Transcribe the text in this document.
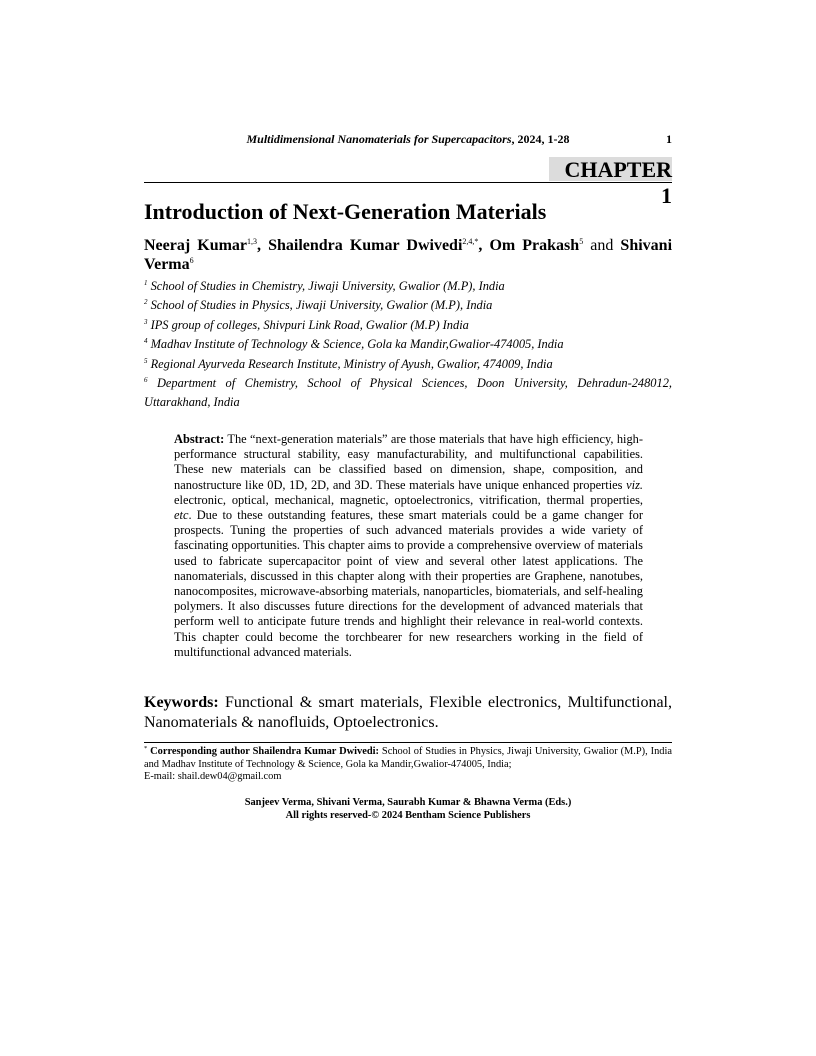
Multidimensional Nanomaterials for Supercapacitors, 2024, 1-28	1
CHAPTER 1
Introduction of Next-Generation Materials
Neeraj Kumar$^{1,3}$, Shailendra Kumar Dwivedi$^{2,4,*}$, Om Prakash$^5$ and Shivani Verma$^6$
$^1$ School of Studies in Chemistry, Jiwaji University, Gwalior (M.P), India
$^2$ School of Studies in Physics, Jiwaji University, Gwalior (M.P), India
$^3$ IPS group of colleges, Shivpuri Link Road, Gwalior (M.P) India
$^4$ Madhav Institute of Technology & Science, Gola ka Mandir,Gwalior-474005, India
$^5$ Regional Ayurveda Research Institute, Ministry of Ayush, Gwalior, 474009, India
$^6$ Department of Chemistry, School of Physical Sciences, Doon University, Dehradun-248012, Uttarakhand, India
Abstract: The “next-generation materials” are those materials that have high efficiency, high-performance structural stability, easy manufacturability, and multifunctional capabilities. These new materials can be classified based on dimension, shape, composition, and nanostructure like 0D, 1D, 2D, and 3D. These materials have unique enhanced properties viz. electronic, optical, mechanical, magnetic, optoelectronics, vitrification, thermal properties, etc. Due to these outstanding features, these smart materials could be a game changer for prospects. Tuning the properties of such advanced materials provides a wide variety of fascinating opportunities. This chapter aims to provide a comprehensive overview of materials used to fabricate supercapacitor point of view and several other latest applications. The nanomaterials, discussed in this chapter along with their properties are Graphene, nanotubes, nanocomposites, microwave-absorbing materials, nanoparticles, biomaterials, and self-healing polymers. It also discusses future directions for the development of advanced materials that perform well to anticipate future trends and highlight their relevance in real-world contexts. This chapter could become the torchbearer for new researchers working in the field of multifunctional advanced materials.
Keywords: Functional & smart materials, Flexible electronics, Multifunctional, Nanomaterials & nanofluids, Optoelectronics.
* Corresponding author Shailendra Kumar Dwivedi: School of Studies in Physics, Jiwaji University, Gwalior (M.P), India and Madhav Institute of Technology & Science, Gola ka Mandir,Gwalior-474005, India;
E-mail: shail.dew04@gmail.com
Sanjeev Verma, Shivani Verma, Saurabh Kumar & Bhawna Verma (Eds.)
All rights reserved-© 2024 Bentham Science Publishers
